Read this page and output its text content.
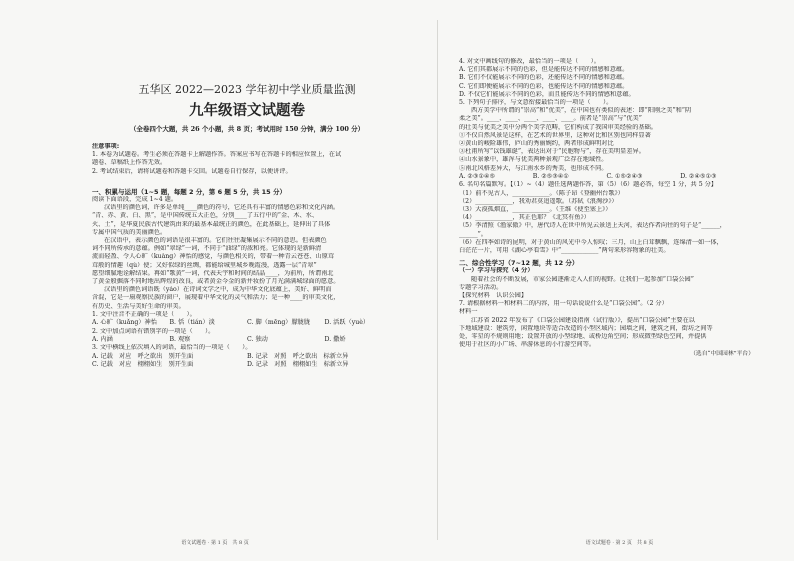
五华区 2022—2023 学年初中学业质量监测
九年级语文试题卷
（全卷四个大题，共 26 个小题，共 8 页；考试用时 150 分钟，满分 100 分）
注意事项:
1. 本卷为试题卷。考生必须在答题卡上解题作答。答案应书写在答题卡的相应位置上，在试
题卷、草稿纸上作答无效。
2. 考试结束后，请将试题卷和答题卡交回。试题卷自行保存，以便讲评。
一、积累与运用（1~5 题，每题 2 分，第 6 题 5 分，共 15 分）
阅读下面语段，完成 1~4 题。
汉语里的颜色词，许多是单纯____颜色的符号，它还具有丰富的情感色彩和文化内涵。
“青、赤、黄、白、黑”，是中国传统五大正色，分别____了五行中的“金、木、水、
火、土”，是华夏民族古代建筑由来的最基本最统正的颜色，在此基础上，延伸出了具体
专属中国气质的美丽颜色。
在汉语中，表示颜色的词语是很丰富的。它们往往凝集展示不同的意思。但表颜色
词不同所传承的意蕴。例如“翠绿”一词，不同于“油绿”的浓和亮。它体现的是新鲜清
流而轻盈、令人心旷（kuàng）神怡的感觉，与颜色相关的，带着一种青云苍苍、山原茸
茸般的情趣（qù）使；又好似绿的丝绸，都能给城里城乡晚霞漫，透露一层“青翠”
愿望细腻地诠解结果。再如“歌黄”一词，代表天宇和时间的结晶____，为前所，所谓南北
了黄金般掘落不同时地出辉煌的改良，或者黄金今金的新井妆扮了月光满满城绿面的愿意。
汉语里的颜色词语既（yáo）在诗词文学之中，成为中华文化底蕴上，美好、鲜明而
含混，它是一扇观察民族的窗户，展现着中华文化的灵气和活力；是一种____的审美文化，
有历史、生活与美好生命的审美。
1. 文中注音不正确的一项是（　　）。
A. 心旷（kuǎng）神怡	B. 恬（tián）淡	C. 脚（mēng）朦胧胧	D. 活跃（yuè）
2. 文中加点词语有错别字的一项是（　　）。
A. 内涵	B. 观察	C. 独动	D. 撒娇
3. 文中横线上依次填入的词语，最恰当的一项是（　　）。
A. 记载　对应　呼之欲出　别开生面	B. 记录　对照　呼之欲出　标新立异
C. 记载　对应　栩栩如生　别开生面	D. 记录　对照　栩栩如生　标新立异
语文试题卷 · 第 1 页　共 8 页
4. 对文中画线句的修改，最恰当的一项是（　　）。
A. 它们其都展示不同的色彩，但是能传达不同的情感和意蕴。
B. 它们不仅能展示不同的色彩，还能传达不同的情感和意蕴。
C. 它们即便能展示不同的色彩，也能传达不同的情感和意蕴。
D. 不仅它们能展示不同的色彩，而且能传达不同的情感和意蕴。
5. 下列句子排序，与文意衔接最恰当的一项是（　　）。
西方美学中所谓的“崇高”和“优美”，在中国也有类似的表述：即“阳刚之美”和“阴
柔之美”。____、____、____、____、____。前者是“崇高”与“优美”
的壮美与优美之美中分两个美学范畴，它们构成了我国审美经验的基础。
①不仅自然风景是这样，在艺术的世界里，这种对比和区别也同样显著
②黄山的峻险雄伟，庐山的秀丽婉约，两者形成鲜明对比
③杜甫所写“以钱雄诞”，表达出对于“民胞物与”，存在美明显差异。
④山水景象中，雄浑与优美两种景观广泛存在地域性。
⑤南北风格差异大，与江南水乡的秀美，也形成不同。
A. ②③①④⑤	B. ②⑤③④①	C. ①⑤②④③	D. ②④⑤①③
6. 名句名篇默写。【（1）~（4）题任选两题作答，第（5）（6）题必答，每空 1 分，共 5 分】
（1）前不见古人，____________。（陈子昂《登幽州台歌》）
（2）____________，我劝君莫追遥歌。（苏轼《浪淘沙》）
（3）大漠孤烟直，____________。（王维《使至塞上》）
（4）____________，其正色耶？《北冥有鱼》）
（5）李清照《渔家傲》中，唐代诗人在世中所见云景送上天河，表达作者向往的句子是“______，
______”。
（6）在四季如诗的昆明，对于黄山的风光中今人惊叹；三月，山上白茸飘飘，连绵清一如一体，
白茫茫一片，可用《湖心亭看雪》中“____________”两句来形容物象的壮美。
二、综合性学习（7~12 题，共 12 分）
（一）学习与探究（4 分）
随着社会的不断发展，市家公园逐渐走入人们的视野。让我们一起参加“口袋公园”
专题学习活动。
【探究材料　认识公园】
7. 请根据材料一和材料二的内容，用一句话说说什么是“口袋公园”。（2 分）
材料一
江苏省 2022 年发布了《口袋公园建设指南（试行版）》，提出“口袋公园”主要在以
下地域建设：建筑旁，闲置地块等适合改造的小型区域内；园墙之间，建筑之间，街坊之间等
处，零星的不规则用地；设置开放的小型绿地、或桥边角空间；形成微型绿色空间，并提供
使用于社区的小广场、串游休息的小行游空间等。
（选自“中国园林”平台）
语文试题卷 · 第 2 页　共 8 页
